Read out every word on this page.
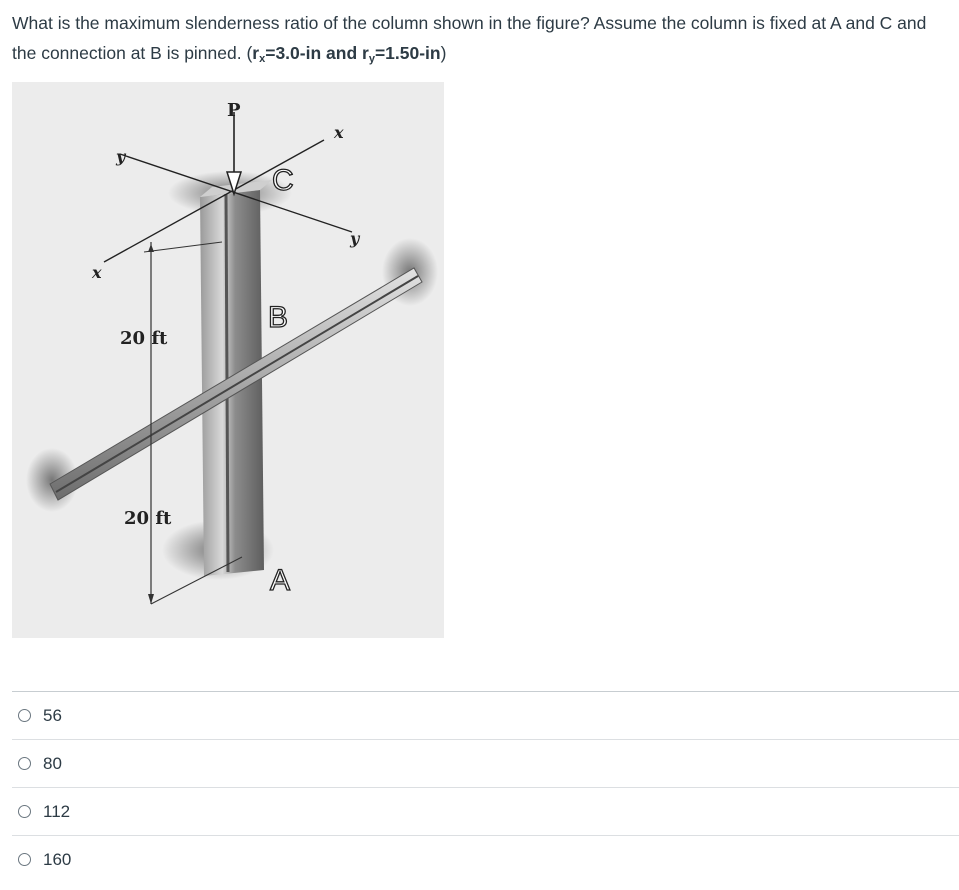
What is the maximum slenderness ratio of the column shown in the figure? Assume the column is fixed at A and C and the connection at B is pinned. ($r_x=3.0-in$ and $r_y=1.50-in$)
P
x
y
y
x
C
B
A
20 ft
20 ft
56
80
112
160
